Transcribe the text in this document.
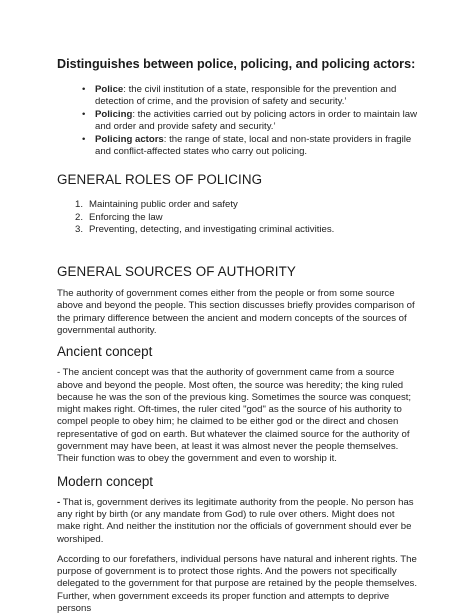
Distinguishes between police, policing, and policing actors:
• Police: the civil institution of a state, responsible for the prevention and detection of crime, and the provision of safety and security.’
• Policing: the activities carried out by policing actors in order to maintain law and order and provide safety and security.’
• Policing actors: the range of state, local and non-state providers in fragile and conflict-affected states who carry out policing.
GENERAL ROLES OF POLICING
1. Maintaining public order and safety
2. Enforcing the law
3. Preventing, detecting, and investigating criminal activities.
GENERAL SOURCES OF AUTHORITY

The authority of government comes either from the people or from some source above and beyond the people. This section discusses briefly provides comparison of the primary difference between the ancient and modern concepts of the sources of governmental authority.

Ancient concept

- The ancient concept was that the authority of government came from a source above and beyond the people. Most often, the source was heredity; the king ruled because he was the son of the previous king. Sometimes the source was conquest; might makes right. Oft-times, the ruler cited "god" as the source of his authority to compel people to obey him; he claimed to be either god or the direct and chosen representative of god on earth. But whatever the claimed source for the authority of government may have been, at least it was almost never the people themselves. Their function was to obey the government and even to worship it.

Modern concept

- That is, government derives its legitimate authority from the people. No person has any right by birth (or any mandate from God) to rule over others. Might does not make right. And neither the institution nor the officials of government should ever be worshiped.

According to our forefathers, individual persons have natural and inherent rights. The purpose of government is to protect those rights. And the powers not specifically delegated to the government for that purpose are retained by the people themselves. Further, when government exceeds its proper function and attempts to deprive persons
